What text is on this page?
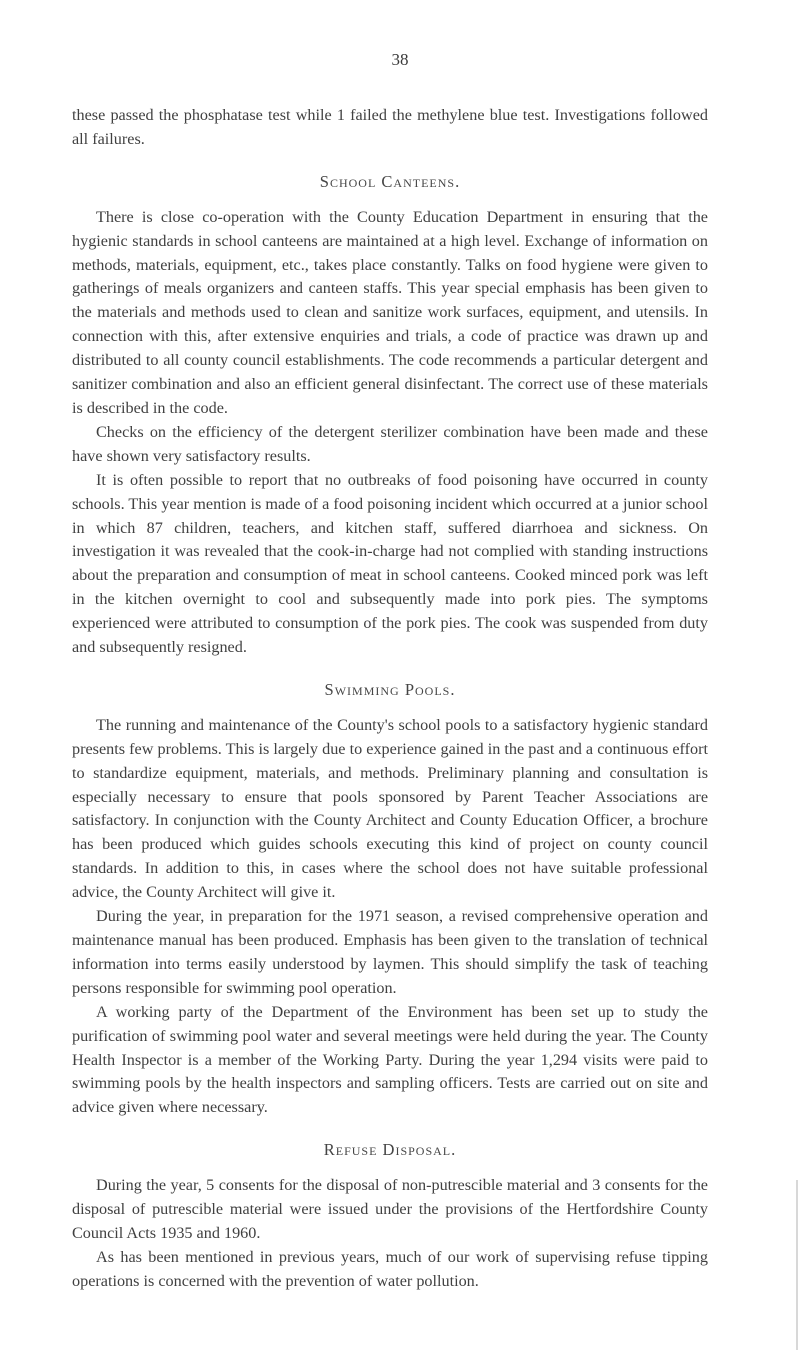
38

these passed the phosphatase test while 1 failed the methylene blue test. Investigations followed all failures.

School Canteens.

There is close co-operation with the County Education Department in ensuring that the hygienic standards in school canteens are maintained at a high level. Exchange of information on methods, materials, equipment, etc., takes place constantly. Talks on food hygiene were given to gatherings of meals organizers and canteen staffs. This year special emphasis has been given to the materials and methods used to clean and sanitize work surfaces, equipment, and utensils. In connection with this, after extensive enquiries and trials, a code of practice was drawn up and distributed to all county council establishments. The code recommends a particular detergent and sanitizer combination and also an efficient general disinfectant. The correct use of these materials is described in the code.

Checks on the efficiency of the detergent sterilizer combination have been made and these have shown very satisfactory results.

It is often possible to report that no outbreaks of food poisoning have occurred in county schools. This year mention is made of a food poisoning incident which occurred at a junior school in which 87 children, teachers, and kitchen staff, suffered diarrhoea and sickness. On investigation it was revealed that the cook-in-charge had not complied with standing instructions about the preparation and consumption of meat in school canteens. Cooked minced pork was left in the kitchen overnight to cool and subsequently made into pork pies. The symptoms experienced were attributed to consumption of the pork pies. The cook was suspended from duty and subsequently resigned.

Swimming Pools.

The running and maintenance of the County's school pools to a satisfactory hygienic standard presents few problems. This is largely due to experience gained in the past and a continuous effort to standardize equipment, materials, and methods. Preliminary planning and consultation is especially necessary to ensure that pools sponsored by Parent Teacher Associations are satisfactory. In conjunction with the County Architect and County Education Officer, a brochure has been produced which guides schools executing this kind of project on county council standards. In addition to this, in cases where the school does not have suitable professional advice, the County Architect will give it.

During the year, in preparation for the 1971 season, a revised comprehensive operation and maintenance manual has been produced. Emphasis has been given to the translation of technical information into terms easily understood by laymen. This should simplify the task of teaching persons responsible for swimming pool operation.

A working party of the Department of the Environment has been set up to study the purification of swimming pool water and several meetings were held during the year. The County Health Inspector is a member of the Working Party. During the year 1,294 visits were paid to swimming pools by the health inspectors and sampling officers. Tests are carried out on site and advice given where necessary.

Refuse Disposal.

During the year, 5 consents for the disposal of non-putrescible material and 3 consents for the disposal of putrescible material were issued under the provisions of the Hertfordshire County Council Acts 1935 and 1960.

As has been mentioned in previous years, much of our work of supervising refuse tipping operations is concerned with the prevention of water pollution.
